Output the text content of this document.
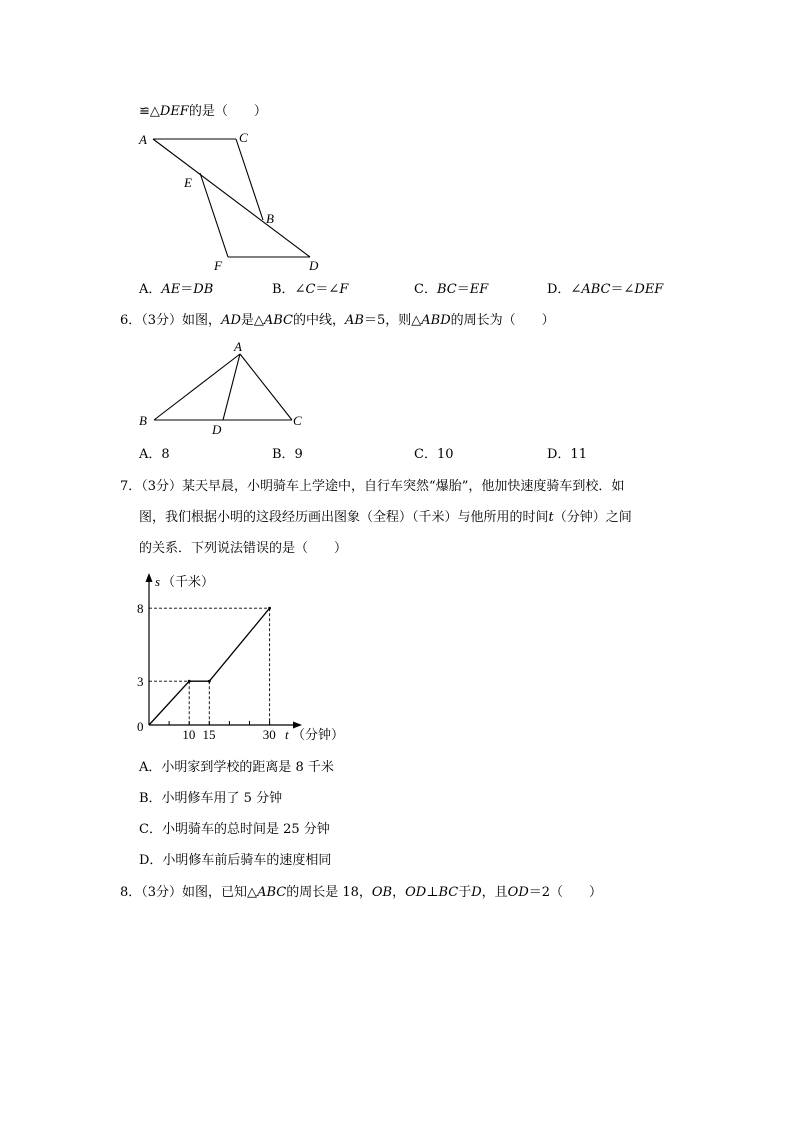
≌△DEF的是（　　）
A	C
E
B
F	D
A．AE＝DB	B．∠C＝∠F	C．BC＝EF	D．∠ABC＝∠DEF
6．（3分）如图，AD是△ABC的中线，AB＝5，则△ABD的周长为（　　）
A
B
D
C
A．8	B．9	C．10	D．11
7．（3分）某天早晨，小明骑车上学途中，自行车突然“爆胎”，他加快速度骑车到校．如
图，我们根据小明的这段经历画出图象（全程）（千米）与他所用的时间t（分钟）之间
的关系．下列说法错误的是（　　）
s （千米）
t （分钟）
0
10 15	30
8
3
A．小明家到学校的距离是 8 千米
B．小明修车用了 5 分钟
C．小明骑车的总时间是 25 分钟
D．小明修车前后骑车的速度相同
8．（3分）如图，已知△ABC的周长是 18，OB，OD⊥BC于D，且OD＝2（　　）
